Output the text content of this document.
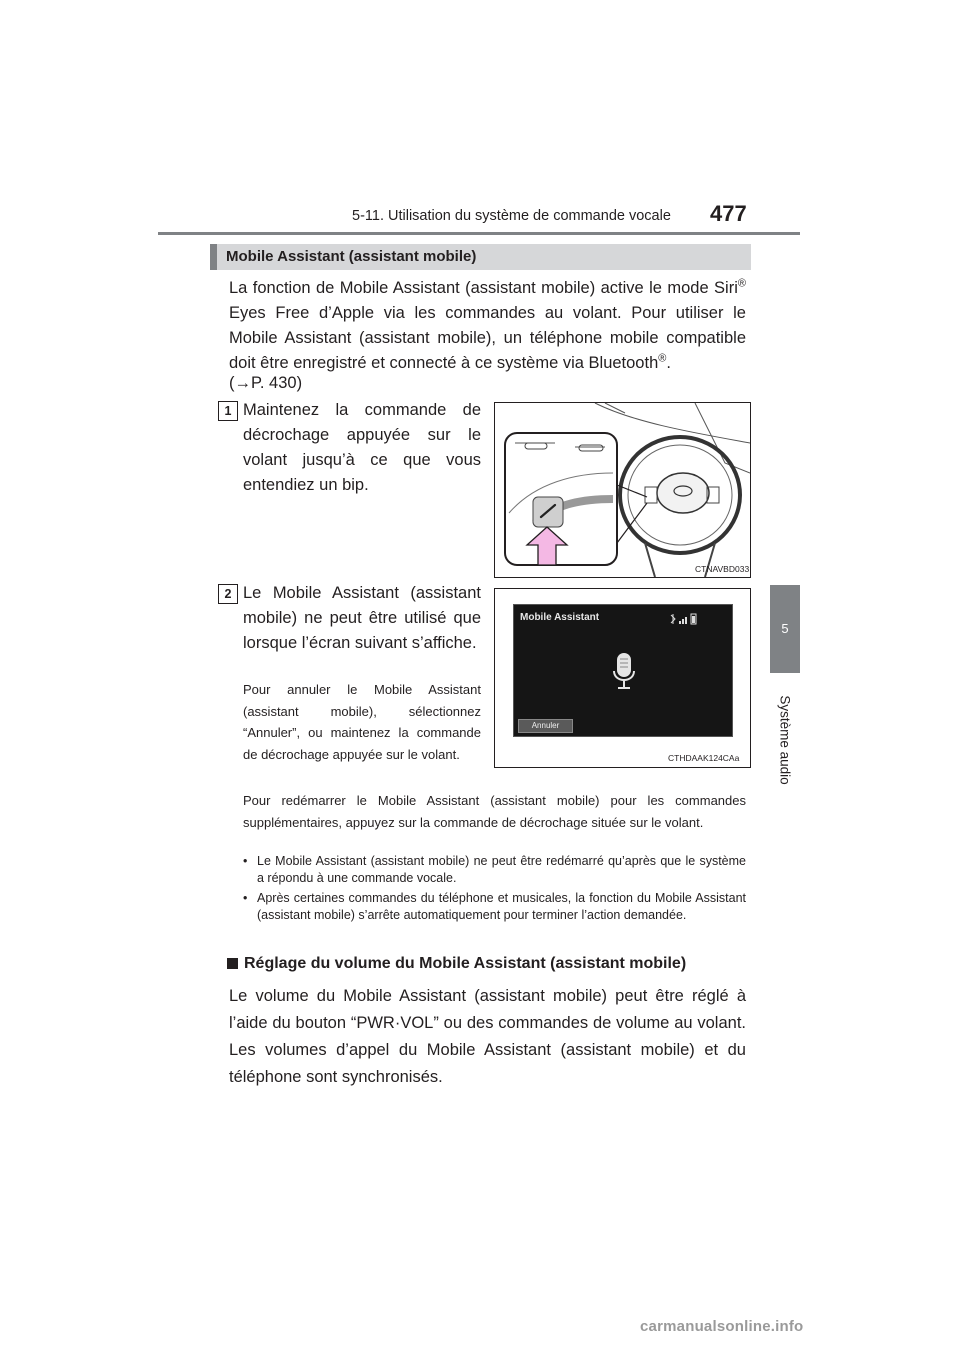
5-11. Utilisation du système de commande vocale 477
5
Système audio
Mobile Assistant (assistant mobile)
La fonction de Mobile Assistant (assistant mobile) active le mode Siri® Eyes Free d’Apple via les commandes au volant. Pour utiliser le Mobile Assistant (assistant mobile), un téléphone mobile compatible doit être enregistré et connecté à ce système via Bluetooth®.
(→P. 430)
1 Maintenez la commande de décrochage appuyée sur le volant jusqu’à ce que vous entendiez un bip.
CTNAVBD033
2 Le Mobile Assistant (assistant mobile) ne peut être utilisé que lorsque l’écran suivant s’affiche.
Pour annuler le Mobile Assistant (assistant mobile), sélectionnez “Annuler”, ou maintenez la commande de décrochage appuyée sur le volant.
Mobile Assistant
Annuler
CTHDAAK124CAa
Pour redémarrer le Mobile Assistant (assistant mobile) pour les commandes supplémentaires, appuyez sur la commande de décrochage située sur le volant.
• Le Mobile Assistant (assistant mobile) ne peut être redémarré qu’après que le système a répondu à une commande vocale.
• Après certaines commandes du téléphone et musicales, la fonction du Mobile Assistant (assistant mobile) s’arrête automatiquement pour terminer l’action demandée.
Réglage du volume du Mobile Assistant (assistant mobile)
Le volume du Mobile Assistant (assistant mobile) peut être réglé à l’aide du bouton “PWR·VOL” ou des commandes de volume au volant. Les volumes d’appel du Mobile Assistant (assistant mobile) et du téléphone sont synchronisés.
carmanualsonline.info
